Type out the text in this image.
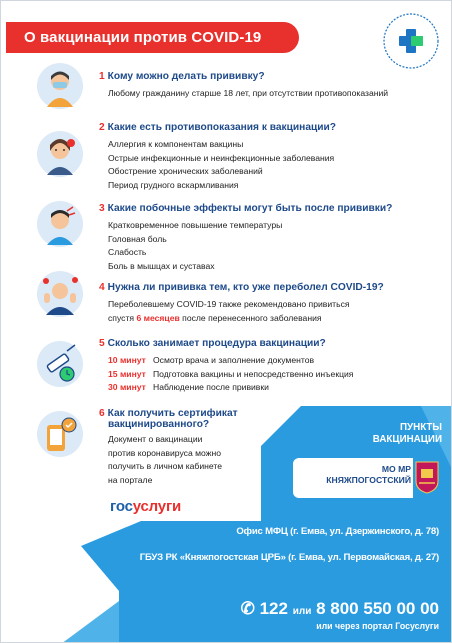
О вакцинации против COVID-19
1 Кому можно делать прививку?
Любому гражданину старше 18 лет, при отсутствии противопоказаний
2 Какие есть противопоказания к вакцинации?
Аллергия к компонентам вакцины
Острые инфекционные и неинфекционные заболевания
Обострение хронических заболеваний
Период грудного вскармливания
3 Какие побочные эффекты могут быть после прививки?
Кратковременное повышение температуры
Головная боль
Слабость
Боль в мышцах и суставах
4 Нужна ли прививка тем, кто уже переболел COVID-19?
Переболевшему COVID-19 также рекомендовано привиться
спустя 6 месяцев после перенесенного заболевания
5 Сколько занимает процедура вакцинации?
10 минут Осмотр врача и заполнение документов
15 минут Подготовка вакцины и непосредственно инъекция
30 минут Наблюдение после прививки
6 Как получить сертификат
вакцинированного?
Документ о вакцинации
против коронавируса можно
получить в личном кабинете
на портале
госуслуги
ПУНКТЫ
ВАКЦИНАЦИИ
МО МР
КНЯЖПОГОСТСКИЙ
Офис МФЦ (г. Емва, ул. Дзержинского, д. 78)
ГБУЗ РК «Княжпогостская ЦРБ» (г. Емва, ул. Первомайская, д. 27)
✆ 122 или 8 800 550 00 00
или через портал Госуслуги
